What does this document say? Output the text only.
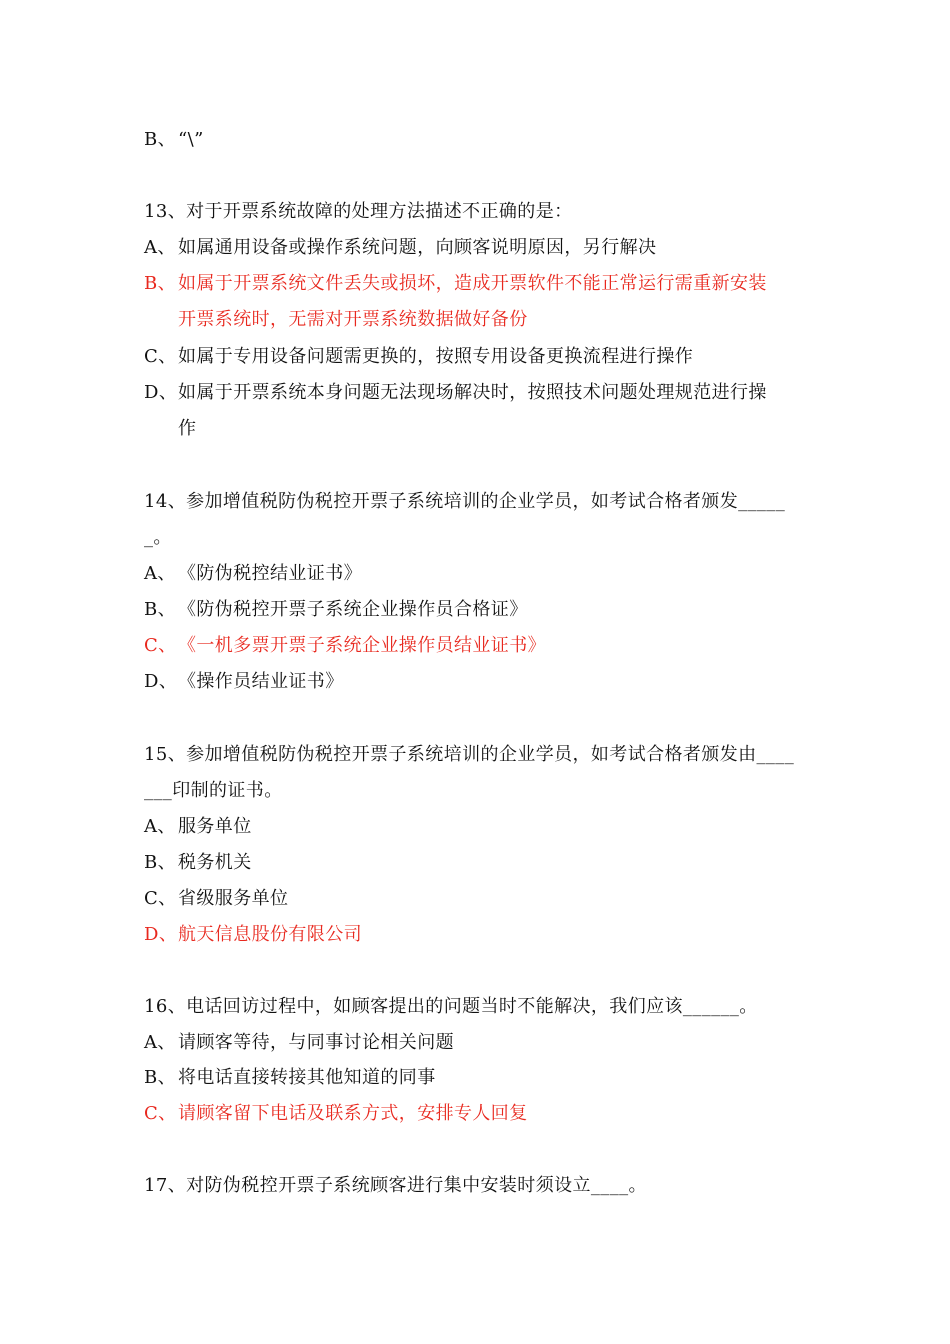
B、 “\”
13、对于开票系统故障的处理方法描述不正确的是：
A、 如属通用设备或操作系统问题，向顾客说明原因，另行解决
B、 如属于开票系统文件丢失或损坏，造成开票软件不能正常运行需重新安装
开票系统时，无需对开票系统数据做好备份
C、如属于专用设备问题需更换的，按照专用设备更换流程进行操作
D、如属于开票系统本身问题无法现场解决时，按照技术问题处理规范进行操
作
14、参加增值税防伪税控开票子系统培训的企业学员，如考试合格者颁发_____
_。
A、 《防伪税控结业证书》
B、 《防伪税控开票子系统企业操作员合格证》
C、《一机多票开票子系统企业操作员结业证书》
D、《操作员结业证书》
15、参加增值税防伪税控开票子系统培训的企业学员，如考试合格者颁发由____
___印制的证书。
A、 服务单位
B、 税务机关
C、省级服务单位
D、航天信息股份有限公司
16、电话回访过程中，如顾客提出的问题当时不能解决，我们应该______。
A、 请顾客等待，与同事讨论相关问题
B、 将电话直接转接其他知道的同事
C、请顾客留下电话及联系方式，安排专人回复
17、对防伪税控开票子系统顾客进行集中安装时须设立____。
